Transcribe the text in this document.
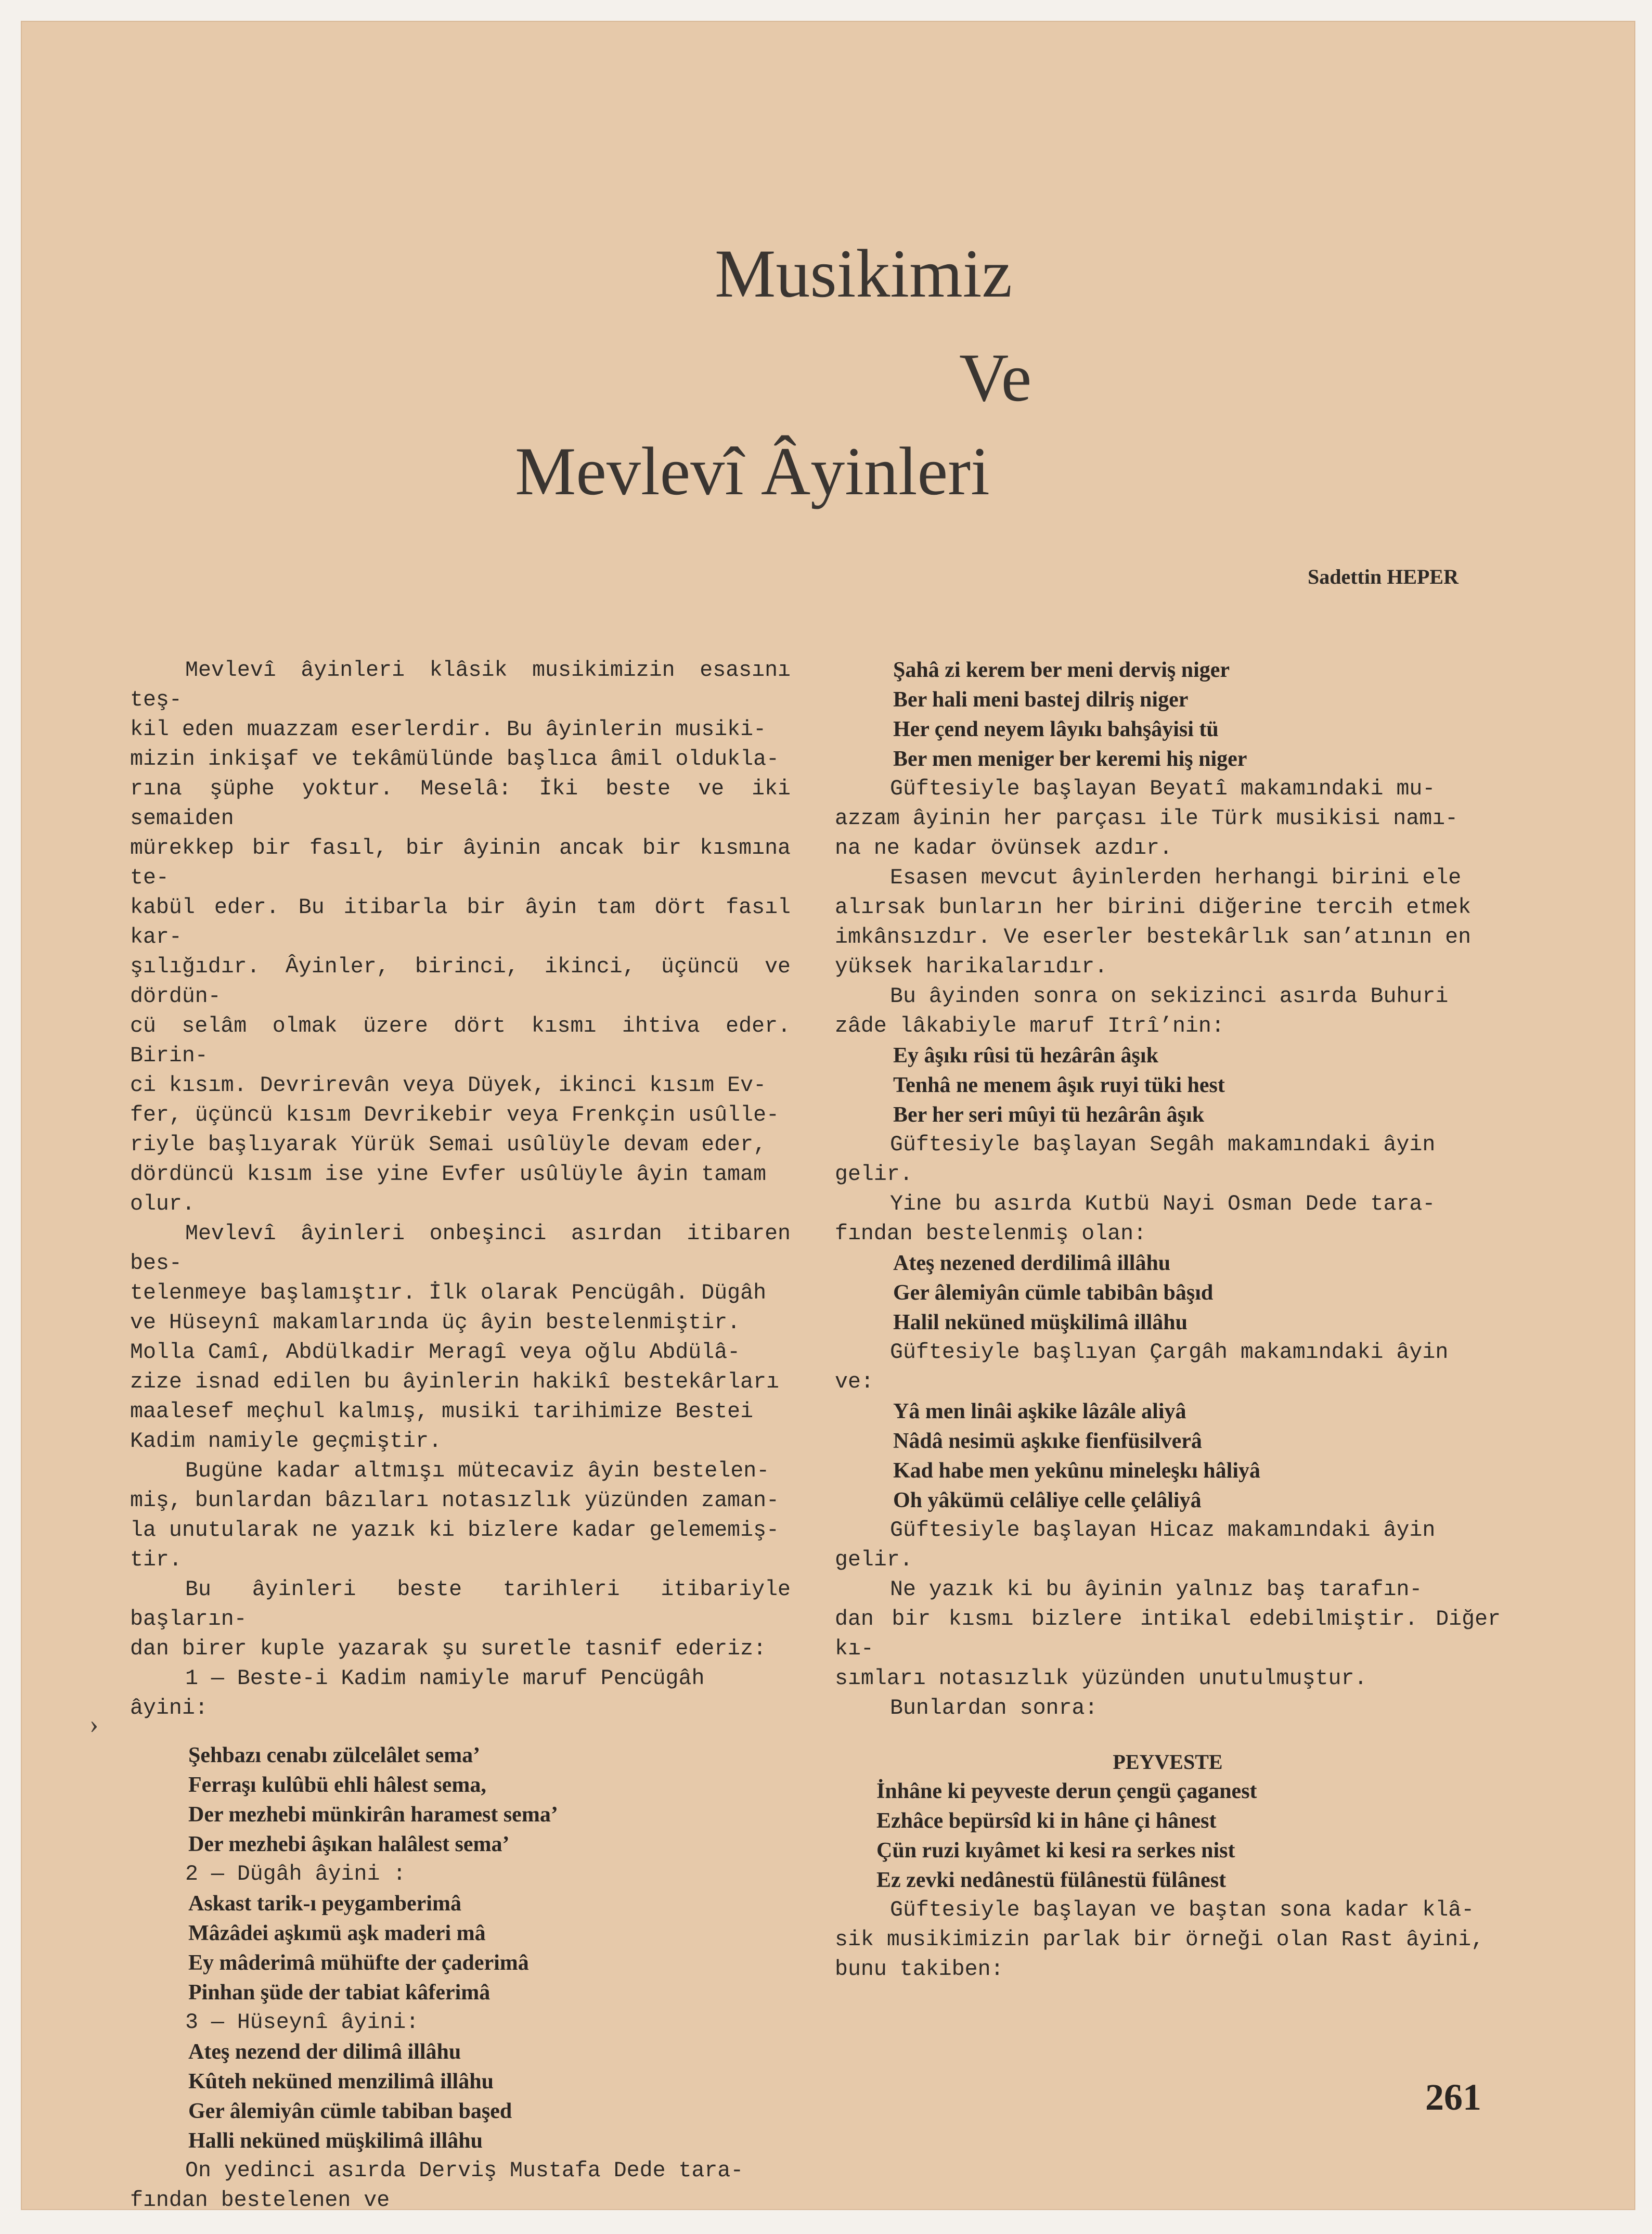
Musikimiz
Ve
Mevlevî Âyinleri

Sadettin HEPER

Mevlevî âyinleri klâsik musikimizin esasını teş-
kil eden muazzam eserlerdir. Bu âyinlerin musiki-
mizin inkişaf ve tekâmülünde başlıca âmil oldukla-
rına şüphe yoktur. Meselâ: İki beste ve iki semaiden
mürekkep bir fasıl, bir âyinin ancak bir kısmına te-
kabül eder. Bu itibarla bir âyin tam dört fasıl kar-
şılığıdır. Âyinler, birinci, ikinci, üçüncü ve dördün-
cü selâm olmak üzere dört kısmı ihtiva eder. Birin-
ci kısım. Devrirevân veya Düyek, ikinci kısım Ev-
fer, üçüncü kısım Devrikebir veya Frenkçin usûlle-
riyle başlıyarak Yürük Semai usûlüyle devam eder,
dördüncü kısım ise yine Evfer usûlüyle âyin tamam
olur.

Mevlevî âyinleri onbeşinci asırdan itibaren bes-
telenmeye başlamıştır. İlk olarak Pencügâh. Dügâh
ve Hüseynî makamlarında üç âyin bestelenmiştir.
Molla Camî, Abdülkadir Meragî veya oğlu Abdülâ-
zize isnad edilen bu âyinlerin hakikî bestekârları
maalesef meçhul kalmış, musiki tarihimize Bestei
Kadim namiyle geçmiştir.

Bugüne kadar altmışı mütecaviz âyin bestelen-
miş, bunlardan bâzıları notasızlık yüzünden zaman-
la unutularak ne yazık ki bizlere kadar gelememiş-
tir.

Bu âyinleri beste tarihleri itibariyle başların-
dan birer kuple yazarak şu suretle tasnif ederiz:

1 — Beste-i Kadim namiyle maruf Pencügâh
âyini:

Şehbazı cenabı zülcelâlet sema’
Ferraşı kulûbü ehli hâlest sema,
Der mezhebi münkirân haramest sema’
Der mezhebi âşıkan halâlest sema’

2 — Dügâh âyini :

Askast tarik-ı peygamberimâ
Mâzâdei aşkımü aşk maderi mâ
Ey mâderimâ mühüfte der çaderimâ
Pinhan şüde der tabiat kâferimâ

3 — Hüseynî âyini:

Ateş nezend der dilimâ illâhu
Kûteh neküned menzilimâ illâhu
Ger âlemiyân cümle tabiban başed
Halli neküned müşkilimâ illâhu

On yedinci asırda Derviş Mustafa Dede tara-
fından bestelenen ve

Şahâ zi kerem ber meni derviş niger
Ber hali meni bastej dilriş niger
Her çend neyem lâyıkı bahşâyisi tü
Ber men meniger ber keremi hiş niger

Güftesiyle başlayan Beyatî makamındaki mu-
azzam âyinin her parçası ile Türk musikisi namı-
na ne kadar övünsek azdır.

Esasen mevcut âyinlerden herhangi birini ele
alırsak bunların her birini diğerine tercih etmek
imkânsızdır. Ve eserler bestekârlık san’atının en
yüksek harikalarıdır.

Bu âyinden sonra on sekizinci asırda Buhuri
zâde lâkabiyle maruf Itrî’nin:

Ey âşıkı rûsi tü hezârân âşık
Tenhâ ne menem âşık ruyi tüki hest
Ber her seri mûyi tü hezârân âşık

Güftesiyle başlayan Segâh makamındaki âyin
gelir.

Yine bu asırda Kutbü Nayi Osman Dede tara-
fından bestelenmiş olan:

Ateş nezened derdilimâ illâhu
Ger âlemiyân cümle tabibân bâşıd
Halil neküned müşkilimâ illâhu

Güftesiyle başlıyan Çargâh makamındaki âyin
ve:

Yâ men linâi aşkike lâzâle aliyâ
Nâdâ nesimü aşkıke fienfüsilverâ
Kad habe men yekûnu mineleşkı hâliyâ
Oh yâkümü celâliye celle çelâliyâ

Güftesiyle başlayan Hicaz makamındaki âyin
gelir.

Ne yazık ki bu âyinin yalnız baş tarafın-
dan bir kısmı bizlere intikal edebilmiştir. Diğer kı-
sımları notasızlık yüzünden unutulmuştur.

Bunlardan sonra:

PEYVESTE

İnhâne ki peyveste derun çengü çaganest
Ezhâce bepürsîd ki in hâne çi hânest
Çün ruzi kıyâmet ki kesi ra serkes nist
Ez zevki nedânestü fülânestü fülânest

Güftesiyle başlayan ve baştan sona kadar klâ-
sik musikimizin parlak bir örneği olan Rast âyini,
bunu takiben:

261

›
